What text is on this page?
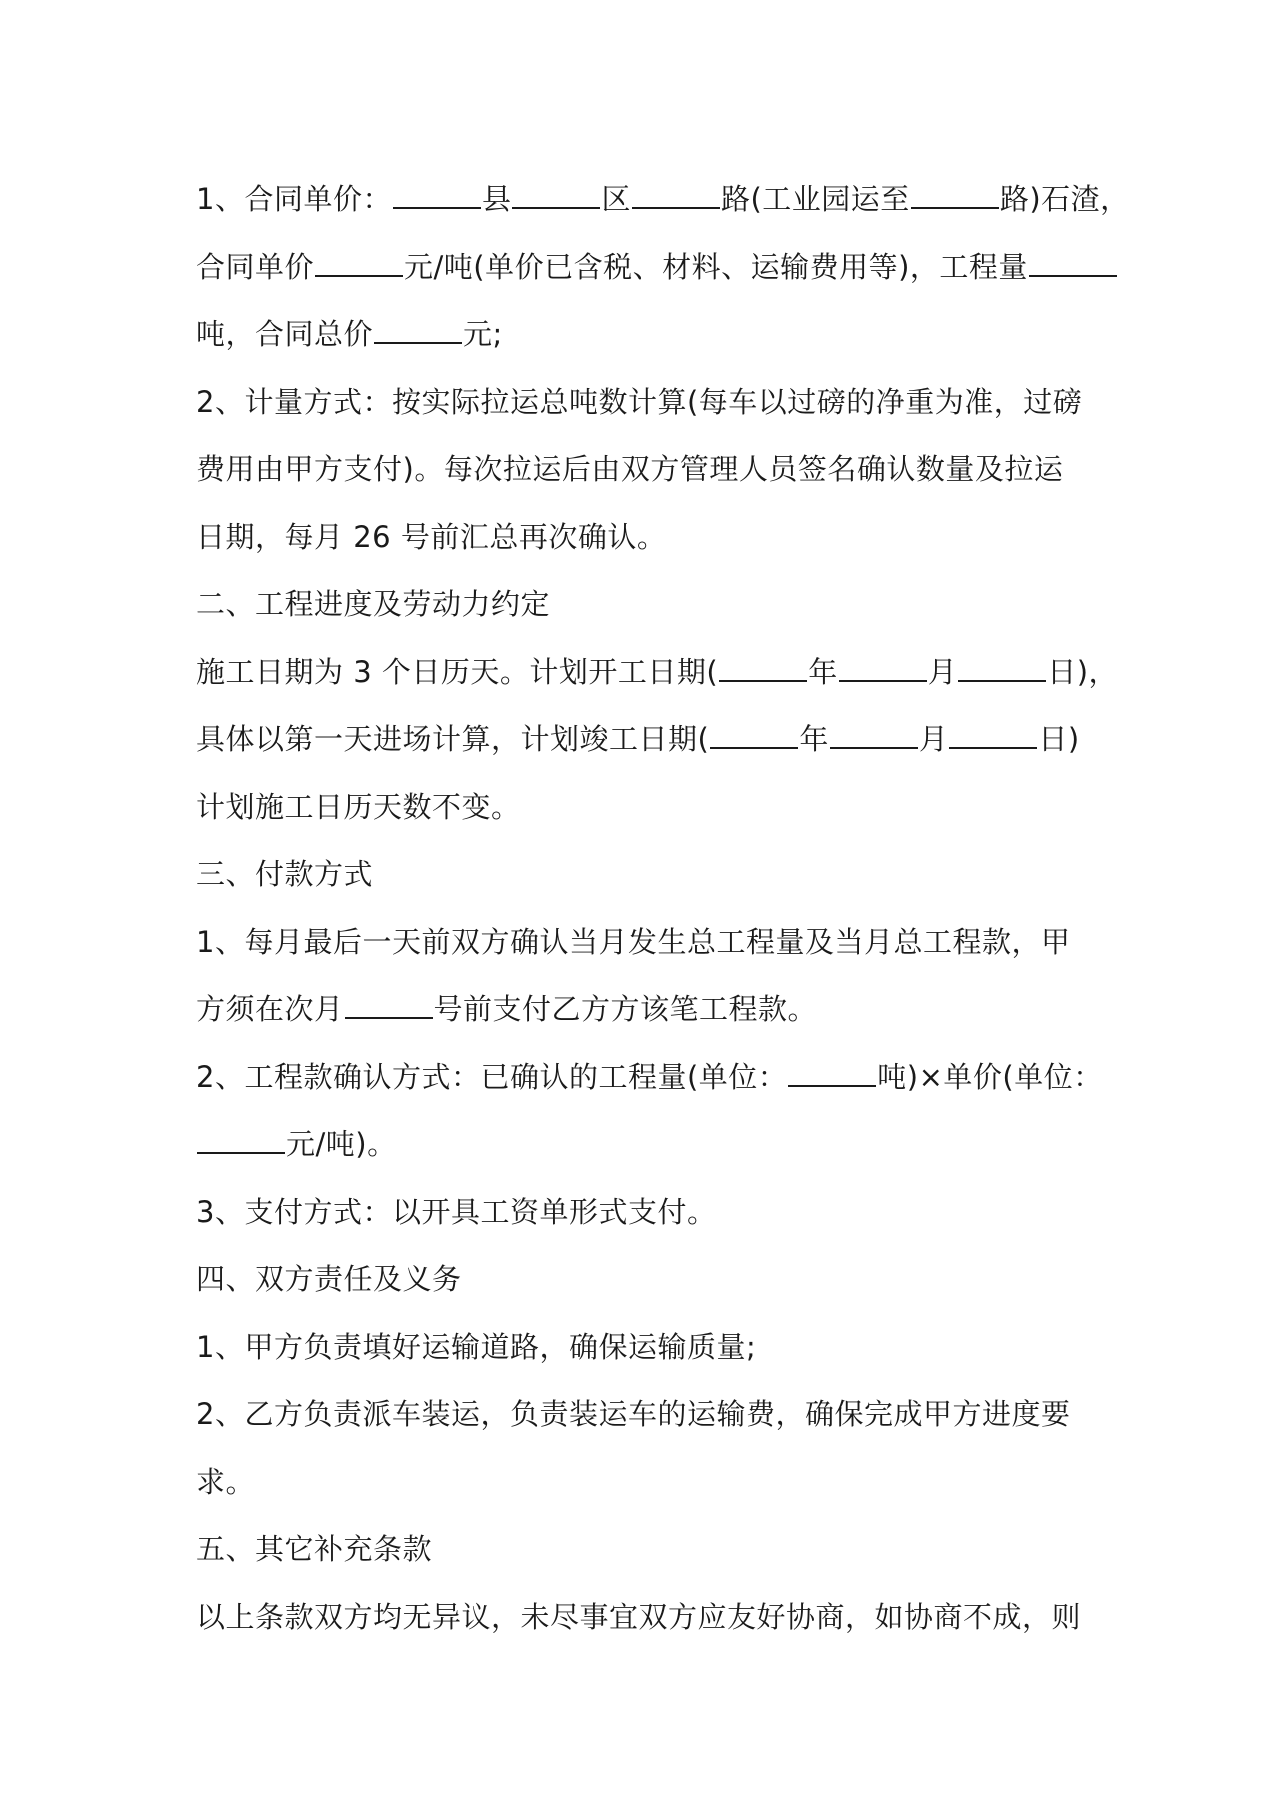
1、合同单价：	县	区	路(工业园运至	路)石渣，
合同单价	元/吨(单价已含税、材料、运输费用等)，工程量
吨，合同总价	元;
2、计量方式：按实际拉运总吨数计算(每车以过磅的净重为准，过磅
费用由甲方支付)。每次拉运后由双方管理人员签名确认数量及拉运
日期，每月 26 号前汇总再次确认。
二、工程进度及劳动力约定
施工日期为 3 个日历天。计划开工日期(	年	月	日)，
具体以第一天进场计算，计划竣工日期(	年	月	日)
计划施工日历天数不变。
三、付款方式
1、每月最后一天前双方确认当月发生总工程量及当月总工程款，甲
方须在次月	号前支付乙方方该笔工程款。
2、工程款确认方式：已确认的工程量(单位：	吨)×单价(单位：
元/吨)。
3、支付方式：以开具工资单形式支付。
四、双方责任及义务
1、甲方负责填好运输道路，确保运输质量;
2、乙方负责派车装运，负责装运车的运输费，确保完成甲方进度要
求。
五、其它补充条款
以上条款双方均无异议，未尽事宜双方应友好协商，如协商不成，则
